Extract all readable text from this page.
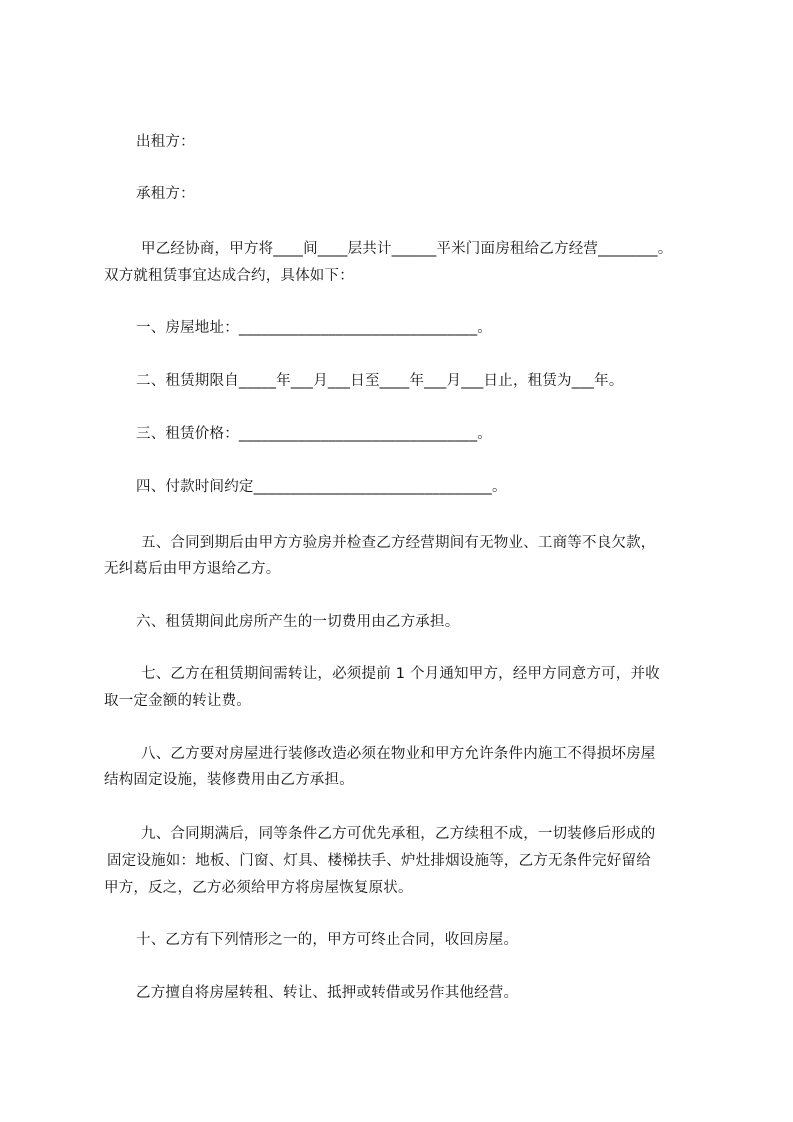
出租方：
承租方：
甲乙经协商，甲方将____间____层共计______平米门面房租给乙方经营________。
双方就租赁事宜达成合约，具体如下：
一、房屋地址：________________________________。
二、租赁期限自_____年___月___日至____年___月___日止，租赁为___年。
三、租赁价格：________________________________。
四、付款时间约定________________________________。
五、合同到期后由甲方方验房并检查乙方经营期间有无物业、工商等不良欠款，
无纠葛后由甲方退给乙方。
六、租赁期间此房所产生的一切费用由乙方承担。
七、乙方在租赁期间需转让，必须提前 1 个月通知甲方，经甲方同意方可，并收
取一定金额的转让费。
八、乙方要对房屋进行装修改造必须在物业和甲方允许条件内施工不得损坏房屋
结构固定设施，装修费用由乙方承担。
九、合同期满后，同等条件乙方可优先承租，乙方续租不成，一切装修后形成的
固定设施如：地板、门窗、灯具、楼梯扶手、炉灶排烟设施等，乙方无条件完好留给
甲方，反之，乙方必须给甲方将房屋恢复原状。
十、乙方有下列情形之一的，甲方可终止合同，收回房屋。
乙方擅自将房屋转租、转让、抵押或转借或另作其他经营。
